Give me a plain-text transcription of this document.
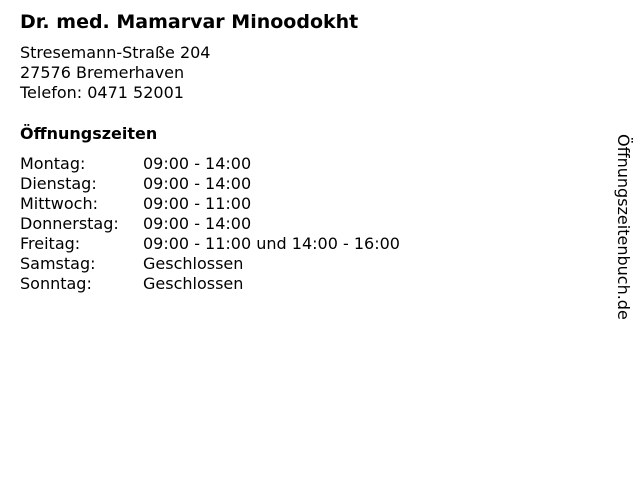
Dr. med. Mamarvar Minoodokht
Stresemann-Straße 204
27576 Bremerhaven
Telefon: 0471 52001
Öffnungszeiten
Montag:	09:00 - 14:00
Dienstag:	09:00 - 14:00
Mittwoch:	09:00 - 11:00
Donnerstag:	09:00 - 14:00
Freitag:	09:00 - 11:00 und 14:00 - 16:00
Samstag:	Geschlossen
Sonntag:	Geschlossen	Öffnungszeitenbuch.de
